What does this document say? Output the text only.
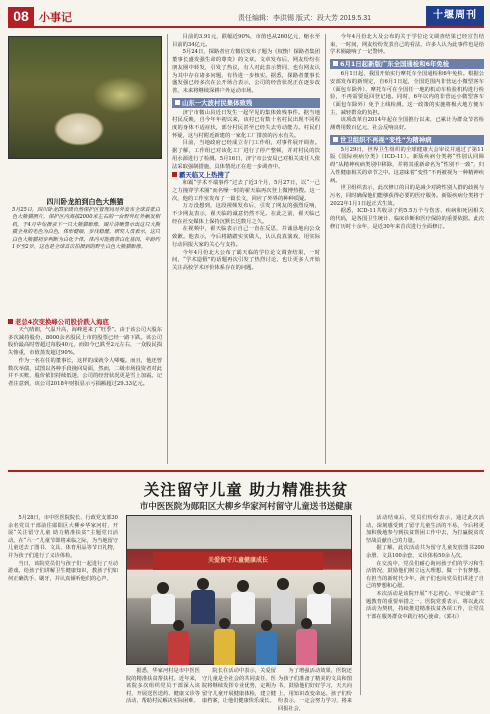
08 小事记	责任编辑：李洪锡 版式：段大芳 2019.5.31	十堰周刊
四川卧龙拍到白色大熊猫
5月25日，四川卧龙国家级自然保护区管理局对外发布全球首张白色大熊猫照片。保护区内海拔2000米左右的一台野外红外触发相机，于4月中旬摄录下一只大熊猫影像。图片清晰显示出这只大熊猫全身的毛色为白色，体形健硕，步伐稳健。研究人员表示，这只白色大熊猫初步判断为白化个体，体内可能携带白化基因，年龄约1岁至2岁，这也是全球首次拍摄到的野生白色大熊猫影像。
老总4次变换峰公司股价跌入海底

天气晴朗，气温升高，海峰迎来了“旺季”。由于该公司大股东多次减持股份，8000余名股民上市的股票已经一路下跌。该公司股价最高时曾超过每股40元，而如今已跌至2元左右，一众股民损失惨重，市值蒸发超过90%。

作为一名在任的董事长，这样的成就令人唏嘘。而且，他还曾数次举债，试图以各种手段挽回局面，然而，二级市场投资者对此并不买账，股价依旧持续低迷，公司的经营状况更是雪上加霜。记者注意到，该公司2018年财报显示亏损额超过29.33亿元。

目前的3.91元，跌幅近90%，市值也从260亿元，缩水至目前的34亿元。

5月24日，探路者官方微信发布了题为《权衡！探路者集团董事长盛发强生命的尊贵》的文章。文章发布后，网友纷纷在朋友圈中转发，引发了热议，有人对此表示赞同，也有网友认为其中存在诸多问题，有待进一步核实。据悉，探路者董事长盛发强已经多次在公开场合表示，公司的经营状况正在逐步改善，未来将继续深耕户外运动市场。

山东一大波村民集体致残

济宁市微山县近日发生一起罕见的集体致残事件。据当地村民反映，自今年年初以来，该村已有数十名村民出现不同程度的身体不适症状，部分村民甚至已经失去劳动能力。村民们怀疑，这与村附近新建的一家化工厂排放的污水有关。

目前，当地政府已经成立专门工作组，对事件展开调查。据了解，工作组已对该化工厂进行了停产整顿，并对村民的饮用水源进行了检测。5月16日，济宁市公安局已对相关责任人依法采取强制措施，具体情况正在进一步调查中。

霸天临又上热搜了

和霸“学术不端事件”过去了近3个月，5月27日，以“一己之力撞穿学术圈”而名噪一时的翟天临再次登上微博热搜。这一次，他的工作室发布了一篇长文，回应了外界的种种质疑。

万万没想到，这段视频发布后，引发了网友的强烈反响，不少网友表示，翟天临的诚意仍然不足。在此之前，翟天临已经在社交媒体上保持沉默长达数月之久。

在视频中，翟天临表示自己一直在反思，并诚恳地向公众致歉。他表示，今后将踏踏实实做人，认认真真演戏，用实际行动回报大家的关心与支持。

今年4月份北大公布了霸天临的学位论文调查结果，一时间，“学术造假”的话题再次引发了热烈讨论，也让更多人开始关注高校学术评价体系存在的问题。

今年4月份北大及公布的关于学位论文调查结果已经宣告结束，一时间，网友纷纷发表自己的看法，许多人认为此事件也是给学术圈敲响了一记警钟。

6月1日起新版广东全国通检和6年免检

6月1日起，我国开始实行摩托车全国通检和6年免检。根据公安部发布的新规定，自6月1日起，全国范围内非营运小微型客车（面包车除外）、摩托车可在全国任一地的机动车检验机构进行检验，不再需要返回登记地。同时，6年以内的非营运小微型客车（面包车除外）免予上线检测。这一政策的实施将极大地方便车主，减轻群众的负担。

该项改革自2014年起在全国推行以来，已累计为群众节省检测费用数百亿元，社会反响良好。

世卫组织不再视“变性”为精神病

5月29日，世界卫生组织的全球健康大会审议并通过了第11版《国际疾病分类》（ICD-11）。新版疾病分类将“性别认同障碍”从精神疾病类别中移除，并将其重新命名为“性别不一致”，归入性健康相关的章节之中。这意味着“变性”不再被视为一种精神疾病。

世卫组织表示，此次修订的目的是减少对跨性别人群的歧视与污名，同时确保他们能够获得必要的医疗服务。新版疾病分类将于2022年1月1日起正式生效。

据悉，ICD-11共收录了约5.5万个与伤害、疾病和死因相关的代码，是各国卫生统计、临床诊断和医疗保险的重要依据。此次修订历时十余年，是近30年来首次进行全面修订。

关注留守儿童 助力精准扶贫
市中医医院为郧阳区大柳乡华家河村留守儿童送书送健康
关爱留守儿童健康成长

5月28日，市中医医院院长、行政党支部30余名党员干部前往郧阳区大柳乡华家河村，开展“关注留守儿童 助力精准扶贫”主题党日活动。在“六一”儿童节即将来临之际，为当地留守儿童送去了图书、文具、体育用品等节日礼物，并为孩子们进行了义诊体检。

当日，该院党员们与孩子们一起进行了互动游戏，给孩子们讲解卫生健康知识，教孩子们如何正确洗手、刷牙，并认真倾听他们的心声。

据悉，华家河村是市中医医院的精准扶贫帮扶村。近年来，该院多次组织党员干部深入该村，开展送医送药、健康义诊等活动，帮助村民解决实际困难。

院长在活动中表示，关爱留守儿童是全社会的共同责任。医院将继续发挥专业优势，定期为留守儿童开展健康体检，建立健康档案，让他们健康快乐成长。

为了增强活动效果，医院还为孩子们准备了精美的文具和图书，鼓励他们好好学习，天天向上，用知识改变命运。孩子们纷纷表示，一定会努力学习，将来回报社会。

活动结束后，党员们纷纷表示，通过此次活动，深刻感受到了留守儿童生活的不易，今后将更加积极地参与到扶贫帮困工作中去，为打赢脱贫攻坚战贡献自己的力量。

据了解，此次活动共为留守儿童发放图书200余册、文具100余套，义诊体检50余人次。

在交流中，党员们耐心询问孩子们的学习和生活情况，鼓励他们树立远大理想，做一个有梦想、有担当的新时代少年。孩子们也向党员们讲述了自己的梦想和心愿。

本次活动是该院开展“不忘初心、牢记使命”主题教育的重要举措之一。医院党委表示，将以此次活动为契机，持续推进精准扶贫各项工作，让党员干部在服务群众中践行初心使命。（郭石）
